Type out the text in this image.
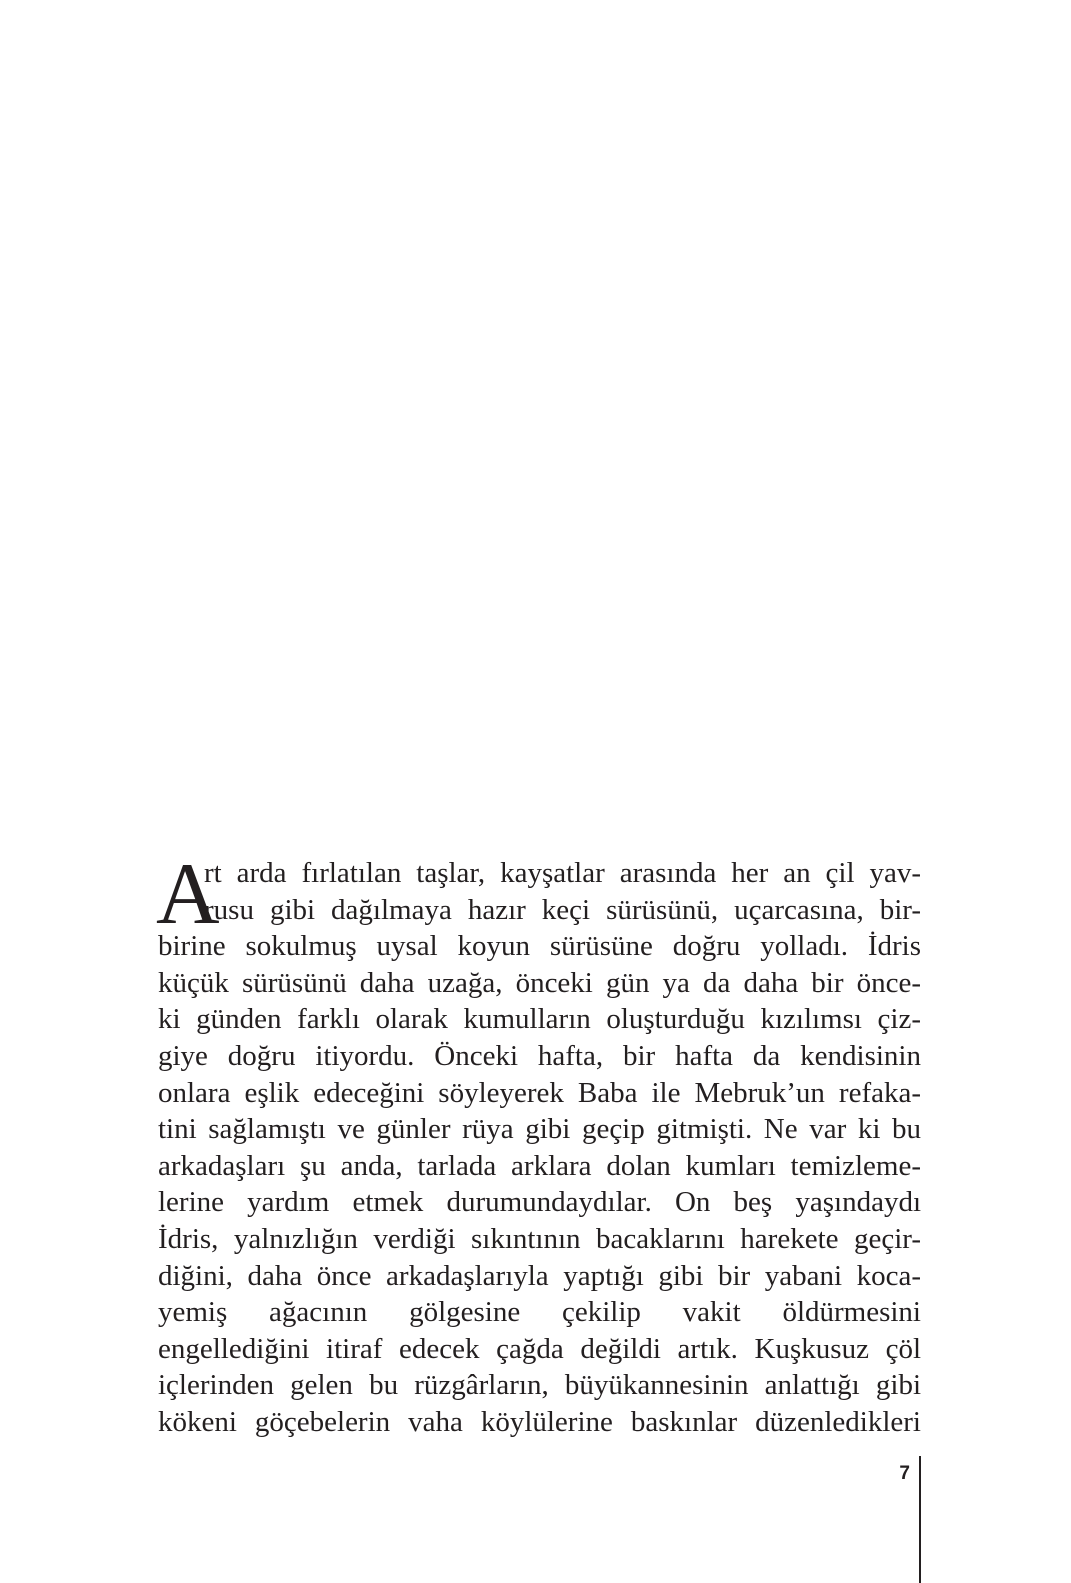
A
rt arda fırlatılan taşlar, kayşatlar arasında her an çil yav-
rusu gibi dağılmaya hazır keçi sürüsünü, uçarcasına, bir-
birine sokulmuş uysal koyun sürüsüne doğru yolladı. İdris
küçük sürüsünü daha uzağa, önceki gün ya da daha bir önce-
ki günden farklı olarak kumulların oluşturduğu kızılımsı çiz-
giye doğru itiyordu. Önceki hafta, bir hafta da kendisinin
onlara eşlik edeceğini söyleyerek Baba ile Mebruk’un refaka-
tini sağlamıştı ve günler rüya gibi geçip gitmişti. Ne var ki bu
arkadaşları şu anda, tarlada arklara dolan kumları temizleme-
lerine yardım etmek durumundaydılar. On beş yaşındaydı
İdris, yalnızlığın verdiği sıkıntının bacaklarını harekete geçir-
diğini, daha önce arkadaşlarıyla yaptığı gibi bir yabani koca-
yemiş ağacının gölgesine çekilip vakit öldürmesini
engellediğini itiraf edecek çağda değildi artık. Kuşkusuz çöl
içlerinden gelen bu rüzgârların, büyükannesinin anlattığı gibi
kökeni göçebelerin vaha köylülerine baskınlar düzenledikleri
7
